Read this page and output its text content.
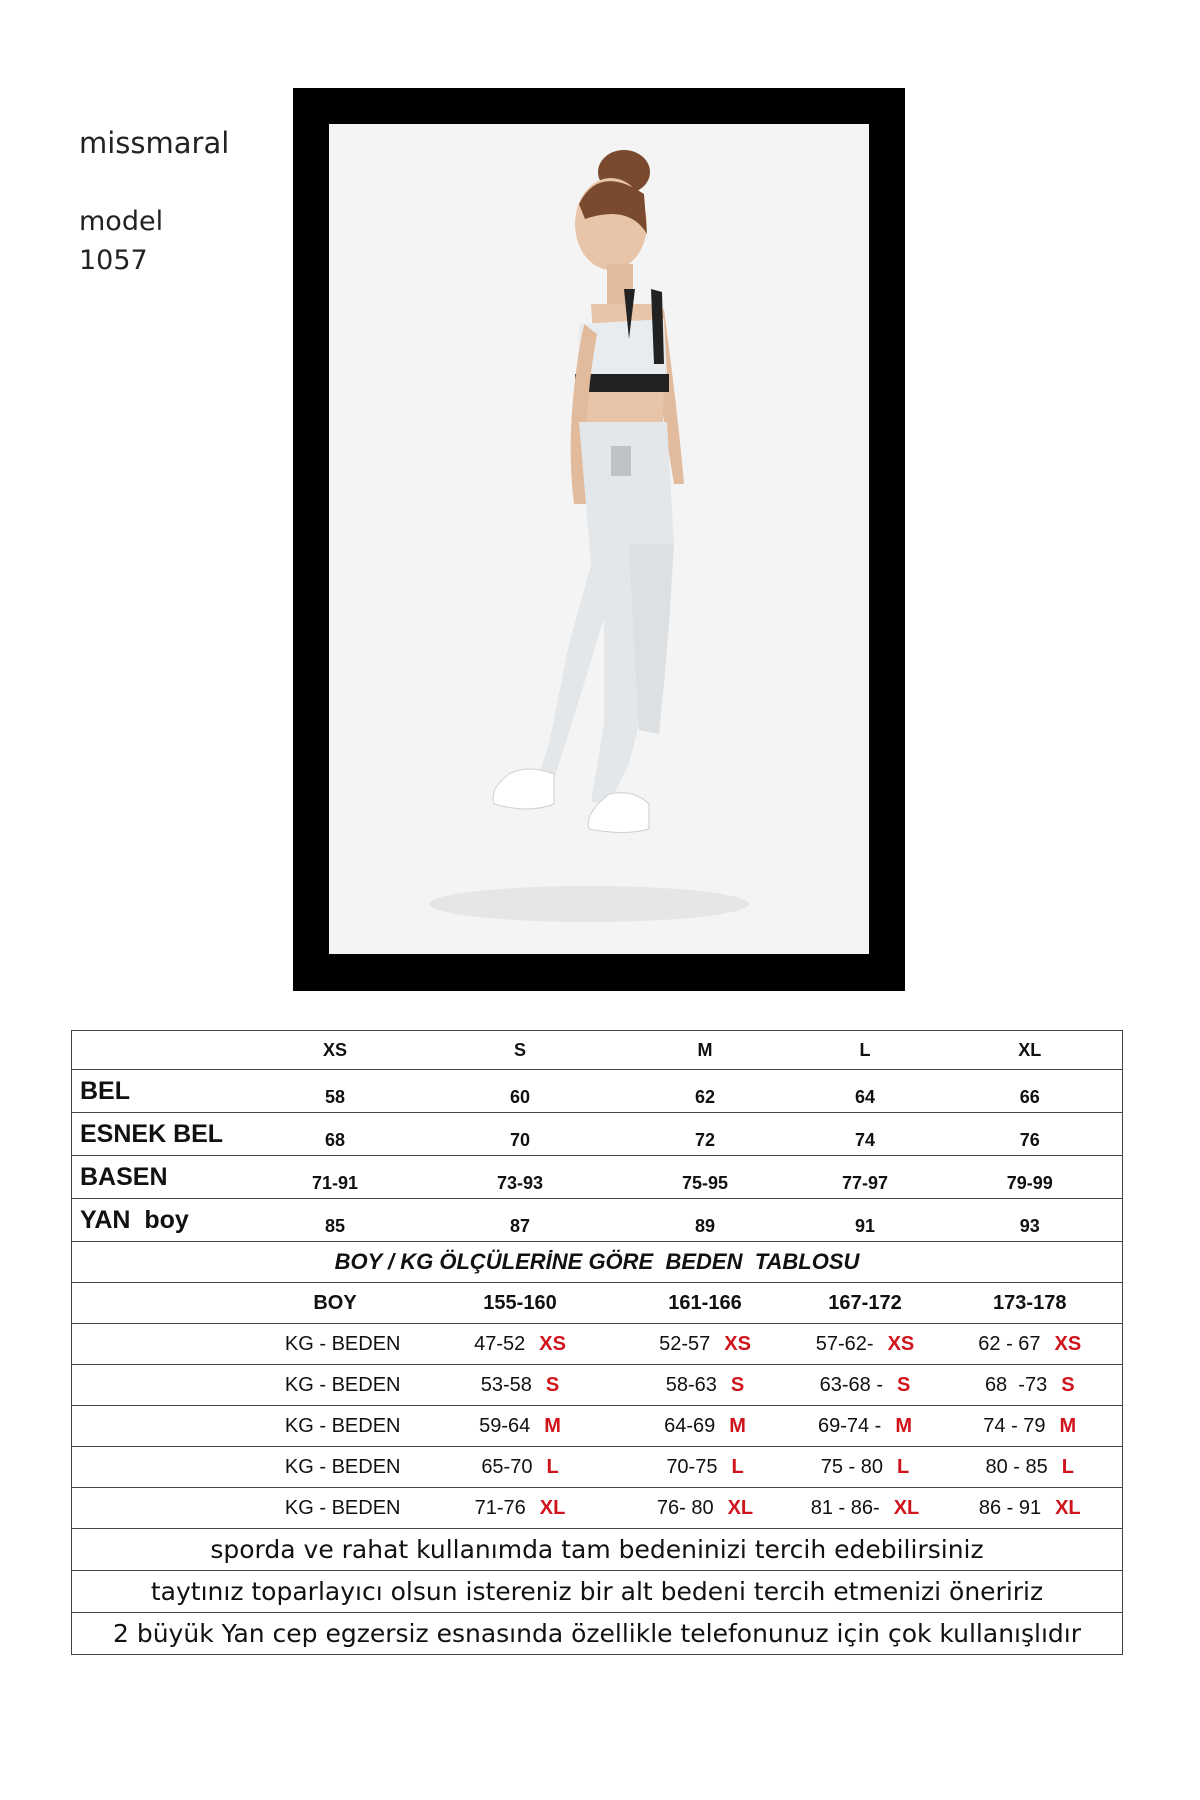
missmaral
model
1057
	XS	S	M	L	XL
BEL	58	60	62	64	66
ESNEK BEL	68	70	72	74	76
BASEN	71-91	73-93	75-95	77-97	79-99
YAN  boy	85	87	89	91	93
BOY / KG ÖLÇÜLERİNE GÖRE  BEDEN  TABLOSU					
	BOY	155-160	161-166	167-172	173-178
	KG - BEDEN	47-52 XS	52-57 XS	57-62- XS	62 - 67 XS
	KG - BEDEN	53-58 S	58-63 S	63-68 - S	68  -73 S
	KG - BEDEN	59-64 M	64-69 M	69-74 - M	74 - 79 M
	KG - BEDEN	65-70 L	70-75 L	75 - 80 L	80 - 85 L
	KG - BEDEN	71-76 XL	76- 80 XL	81 - 86- XL	86 - 91 XL
sporda ve rahat kullanımda tam bedeninizi tercih edebilirsiniz					
taytınız toparlayıcı olsun istereniz bir alt bedeni tercih etmenizi öneririz					
2 büyük Yan cep egzersiz esnasında özellikle telefonunuz için çok kullanışlıdır					
